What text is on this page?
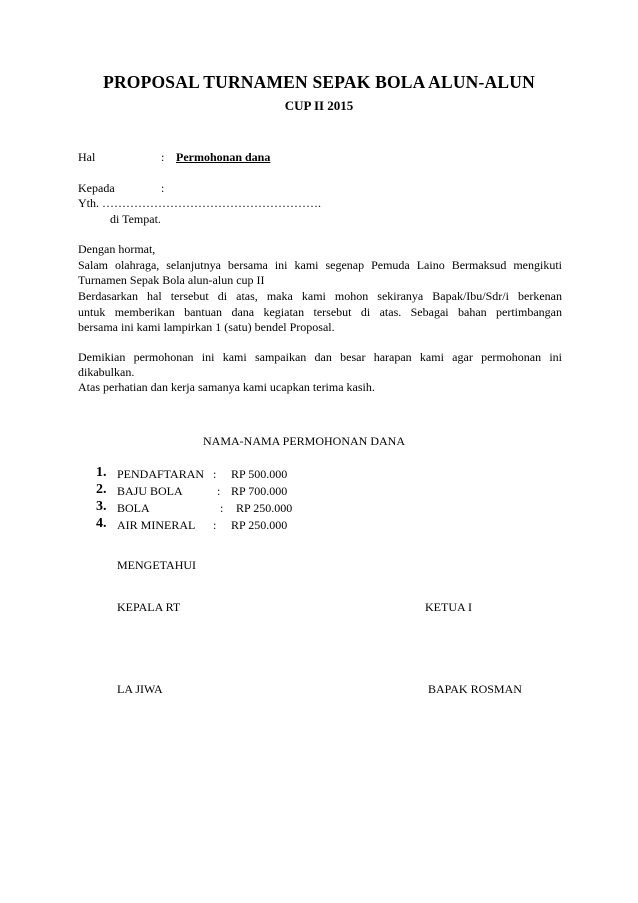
PROPOSAL TURNAMEN SEPAK BOLA ALUN-ALUN
CUP II 2015
Hal	: Permohonan dana
Kepada	:
Yth. ……………………………………………….
di Tempat.
Dengan hormat,
Salam olahraga, selanjutnya bersama ini kami segenap Pemuda Laino Bermaksud mengikuti
Turnamen Sepak Bola alun-alun cup II
Berdasarkan hal tersebut di atas, maka kami mohon sekiranya Bapak/Ibu/Sdr/i berkenan
untuk memberikan bantuan dana kegiatan tersebut di atas. Sebagai bahan pertimbangan
bersama ini kami lampirkan 1 (satu) bendel Proposal.
Demikian permohonan ini kami sampaikan dan besar harapan kami agar permohonan ini
dikabulkan.
Atas perhatian dan kerja samanya kami ucapkan terima kasih.
NAMA-NAMA PERMOHONAN DANA
1. PENDAFTARAN : RP 500.000
2. BAJU BOLA	: RP 700.000
3. BOLA	: RP 250.000
4. AIR MINERAL : RP 250.000
MENGETAHUI
KEPALA RT	KETUA I
LA JIWA	BAPAK ROSMAN
